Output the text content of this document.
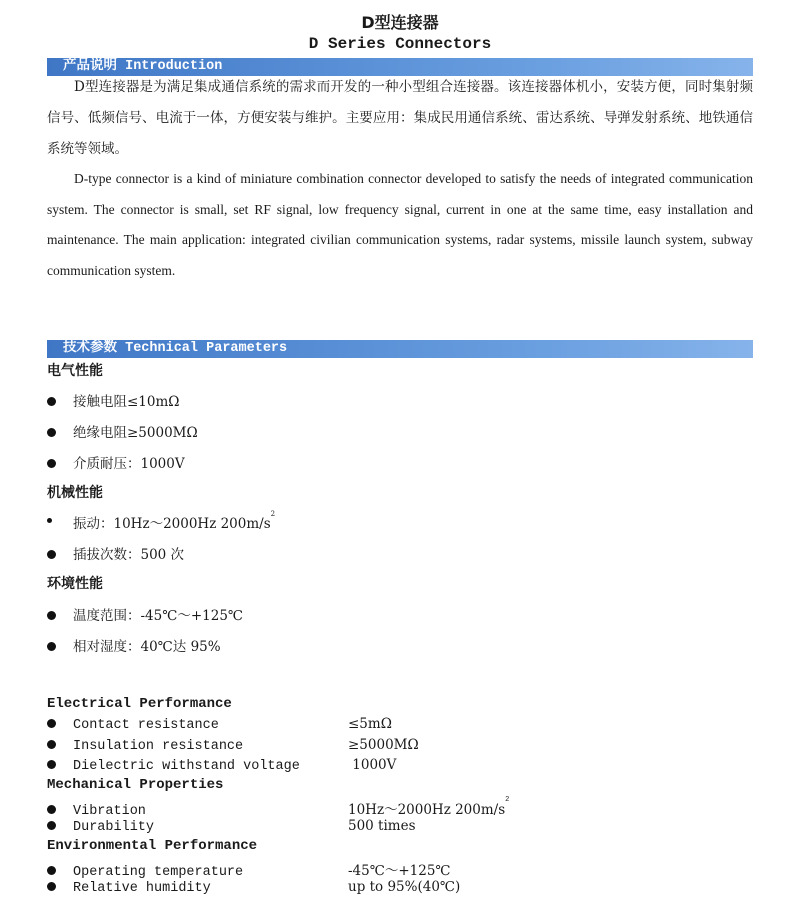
D型连接器
D Series Connectors
产品说明 Introduction
D型连接器是为满足集成通信系统的需求而开发的一种小型组合连接器。该连接器体机小，安装方便，同时集射频信号、低频信号、电流于一体，方便安装与维护。主要应用：集成民用通信系统、雷达系统、导弹发射系统、地铁通信系统等领域。
D-type connector is a kind of miniature combination connector developed to satisfy the needs of integrated communication system. The connector is small, set RF signal, low frequency signal, current in one at the same time, easy installation and maintenance. The main application: integrated civilian communication systems, radar systems, missile launch system, subway communication system.
技术参数 Technical Parameters
电气性能
接触电阻≤10mΩ
绝缘电阻≥5000MΩ
介质耐压：1000V
机械性能
振动：10Hz～2000Hz $200m/s^2$
插拔次数：500 次
环境性能
温度范围：-45℃～+125℃
相对湿度：40℃达 95%
Electrical Performance
Contact resistance	≤5mΩ
Insulation resistance	≥5000MΩ
Dielectric withstand voltage	1000V
Mechanical Properties
Vibration	10Hz～2000Hz $200m/s^2$
Durability	500 times
Environmental Performance
Operating temperature	-45℃～+125℃
Relative humidity	up to 95%(40℃)
